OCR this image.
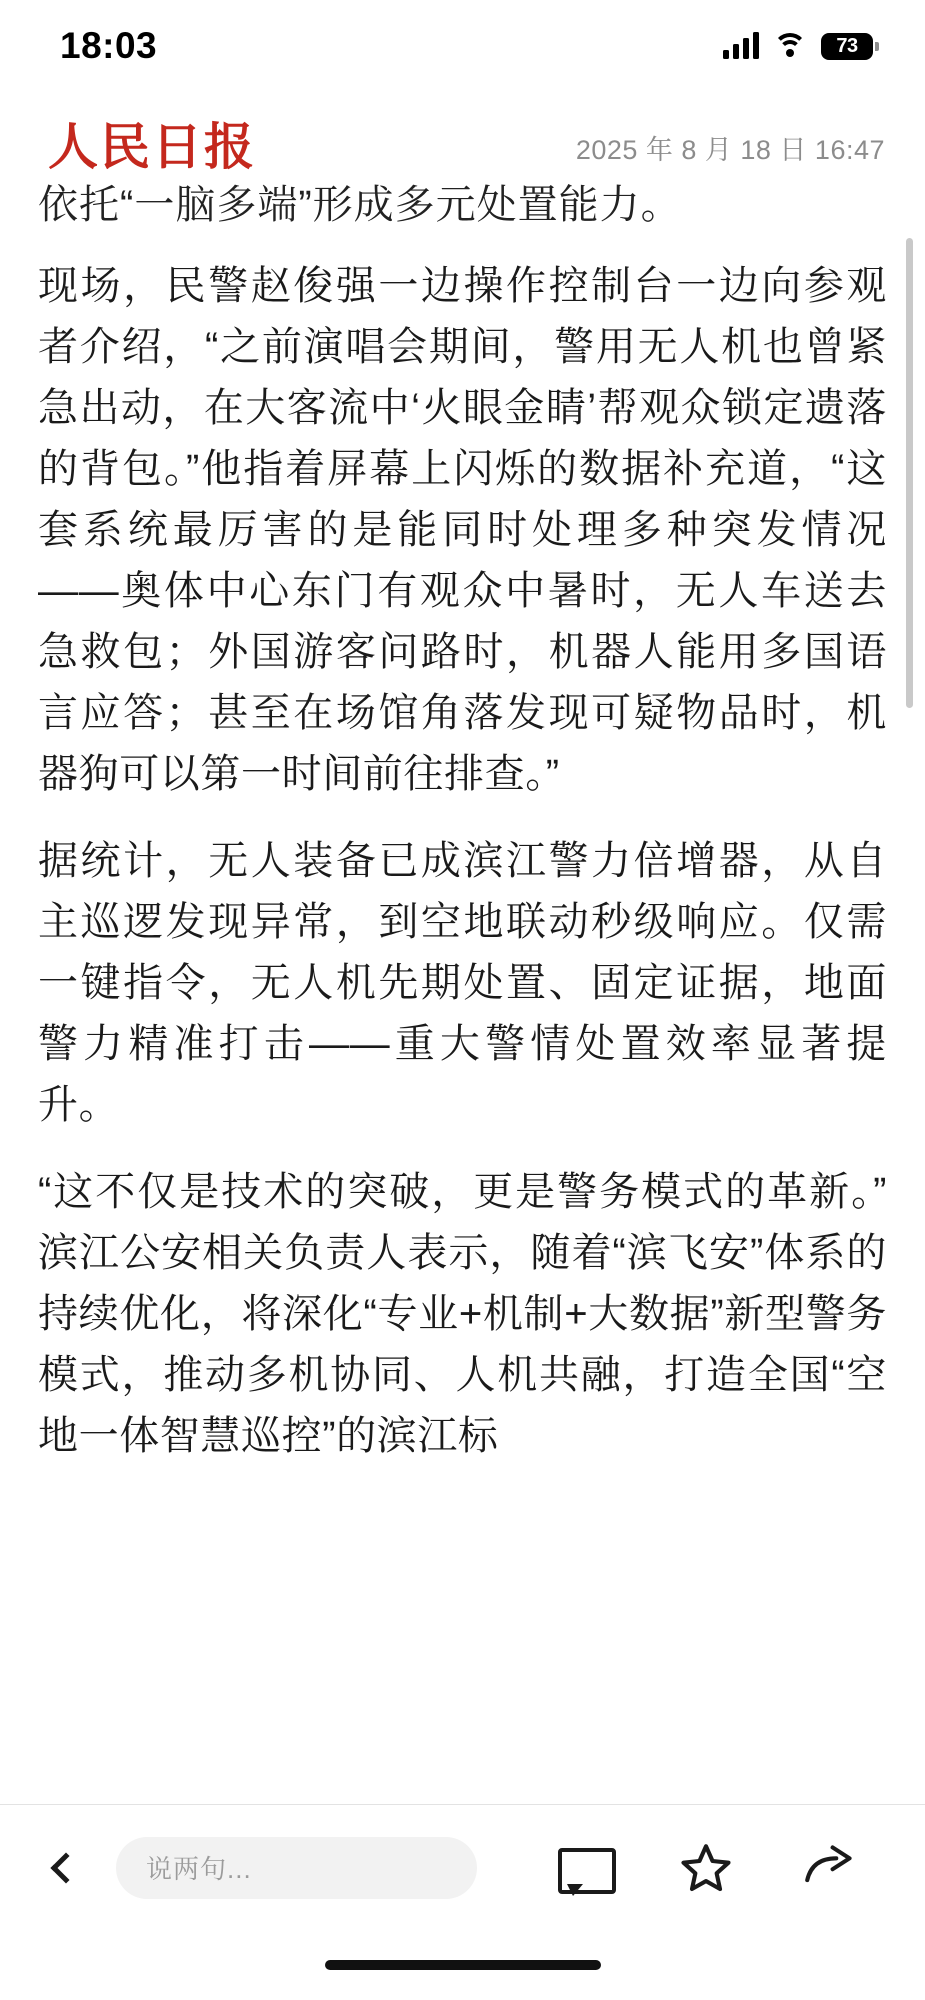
18:03	73
人民日报	2025 年 8 月 18 日 16:47
依托“一脑多端”形成多元处置能力。

现场，民警赵俊强一边操作控制台一边向参观者介绍，“之前演唱会期间，警用无人机也曾紧急出动，在大客流中‘火眼金睛’帮观众锁定遗落的背包。”他指着屏幕上闪烁的数据补充道，“这套系统最厉害的是能同时处理多种突发情况——奥体中心东门有观众中暑时，无人车送去急救包；外国游客问路时，机器人能用多国语言应答；甚至在场馆角落发现可疑物品时，机器狗可以第一时间前往排查。”

据统计，无人装备已成滨江警力倍增器，从自主巡逻发现异常，到空地联动秒级响应。仅需一键指令，无人机先期处置、固定证据，地面警力精准打击——重大警情处置效率显著提升。

“这不仅是技术的突破，更是警务模式的革新。”滨江公安相关负责人表示，随着“滨飞安”体系的持续优化，将深化“专业+机制+大数据”新型警务模式，推动多机协同、人机共融，打造全国“空地一体智慧巡控”的滨江标

说两句...
